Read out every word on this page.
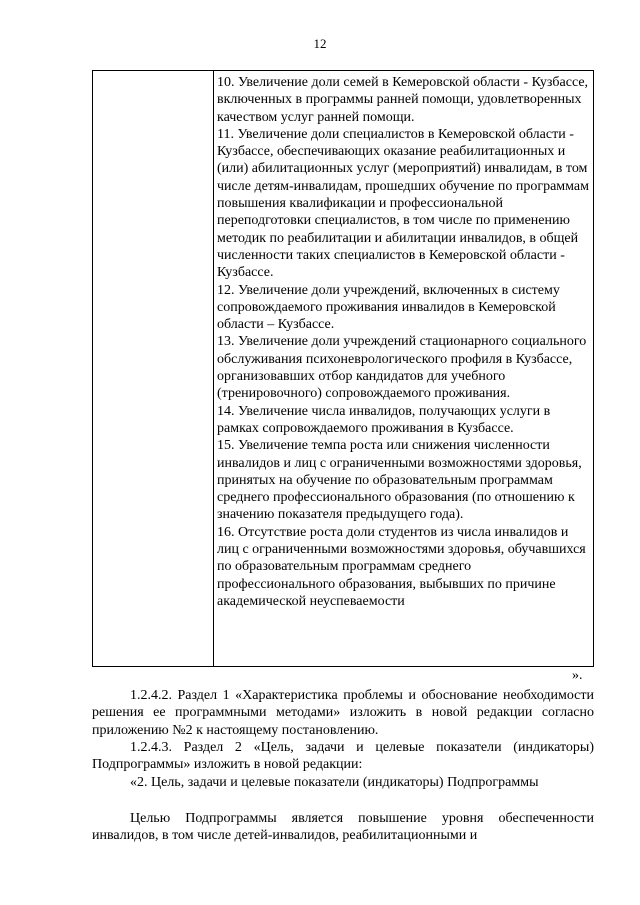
12

10. Увеличение доли семей в Кемеровской области - Кузбассе, включенных в программы ранней помощи, удовлетворенных качеством услуг ранней помощи.

11. Увеличение доли специалистов в Кемеровской области - Кузбассе, обеспечивающих оказание реабилитационных и (или) абилитационных услуг (мероприятий) инвалидам, в том числе детям-инвалидам, прошедших обучение по программам повышения квалификации и профессиональной переподготовки специалистов, в том числе по применению методик по реабилитации и абилитации инвалидов, в общей численности таких специалистов в Кемеровской области - Кузбассе.

12. Увеличение доли учреждений, включенных в систему сопровождаемого проживания инвалидов в Кемеровской области – Кузбассе.

13. Увеличение доли учреждений стационарного социального обслуживания психоневрологического профиля в Кузбассе, организовавших отбор кандидатов для учебного (тренировочного) сопровождаемого проживания.

14. Увеличение числа инвалидов, получающих услуги в рамках сопровождаемого проживания в Кузбассе.

15. Увеличение темпа роста или снижения численности инвалидов и лиц с ограниченными возможностями здоровья, принятых на обучение по образовательным программам среднего профессионального образования (по отношению к значению показателя предыдущего года).

16. Отсутствие роста доли студентов из числа инвалидов и лиц с ограниченными возможностями здоровья, обучавшихся по образовательным программам среднего профессионального образования, выбывших по причине академической неуспеваемости

».

1.2.4.2. Раздел 1 «Характеристика проблемы и обоснование необходимости решения ее программными методами» изложить в новой редакции согласно приложению №2 к настоящему постановлению.

1.2.4.3. Раздел 2 «Цель, задачи и целевые показатели (индикаторы) Подпрограммы» изложить в новой редакции:

«2. Цель, задачи и целевые показатели (индикаторы) Подпрограммы

Целью Подпрограммы является повышение уровня обеспеченности инвалидов, в том числе детей-инвалидов, реабилитационными и
